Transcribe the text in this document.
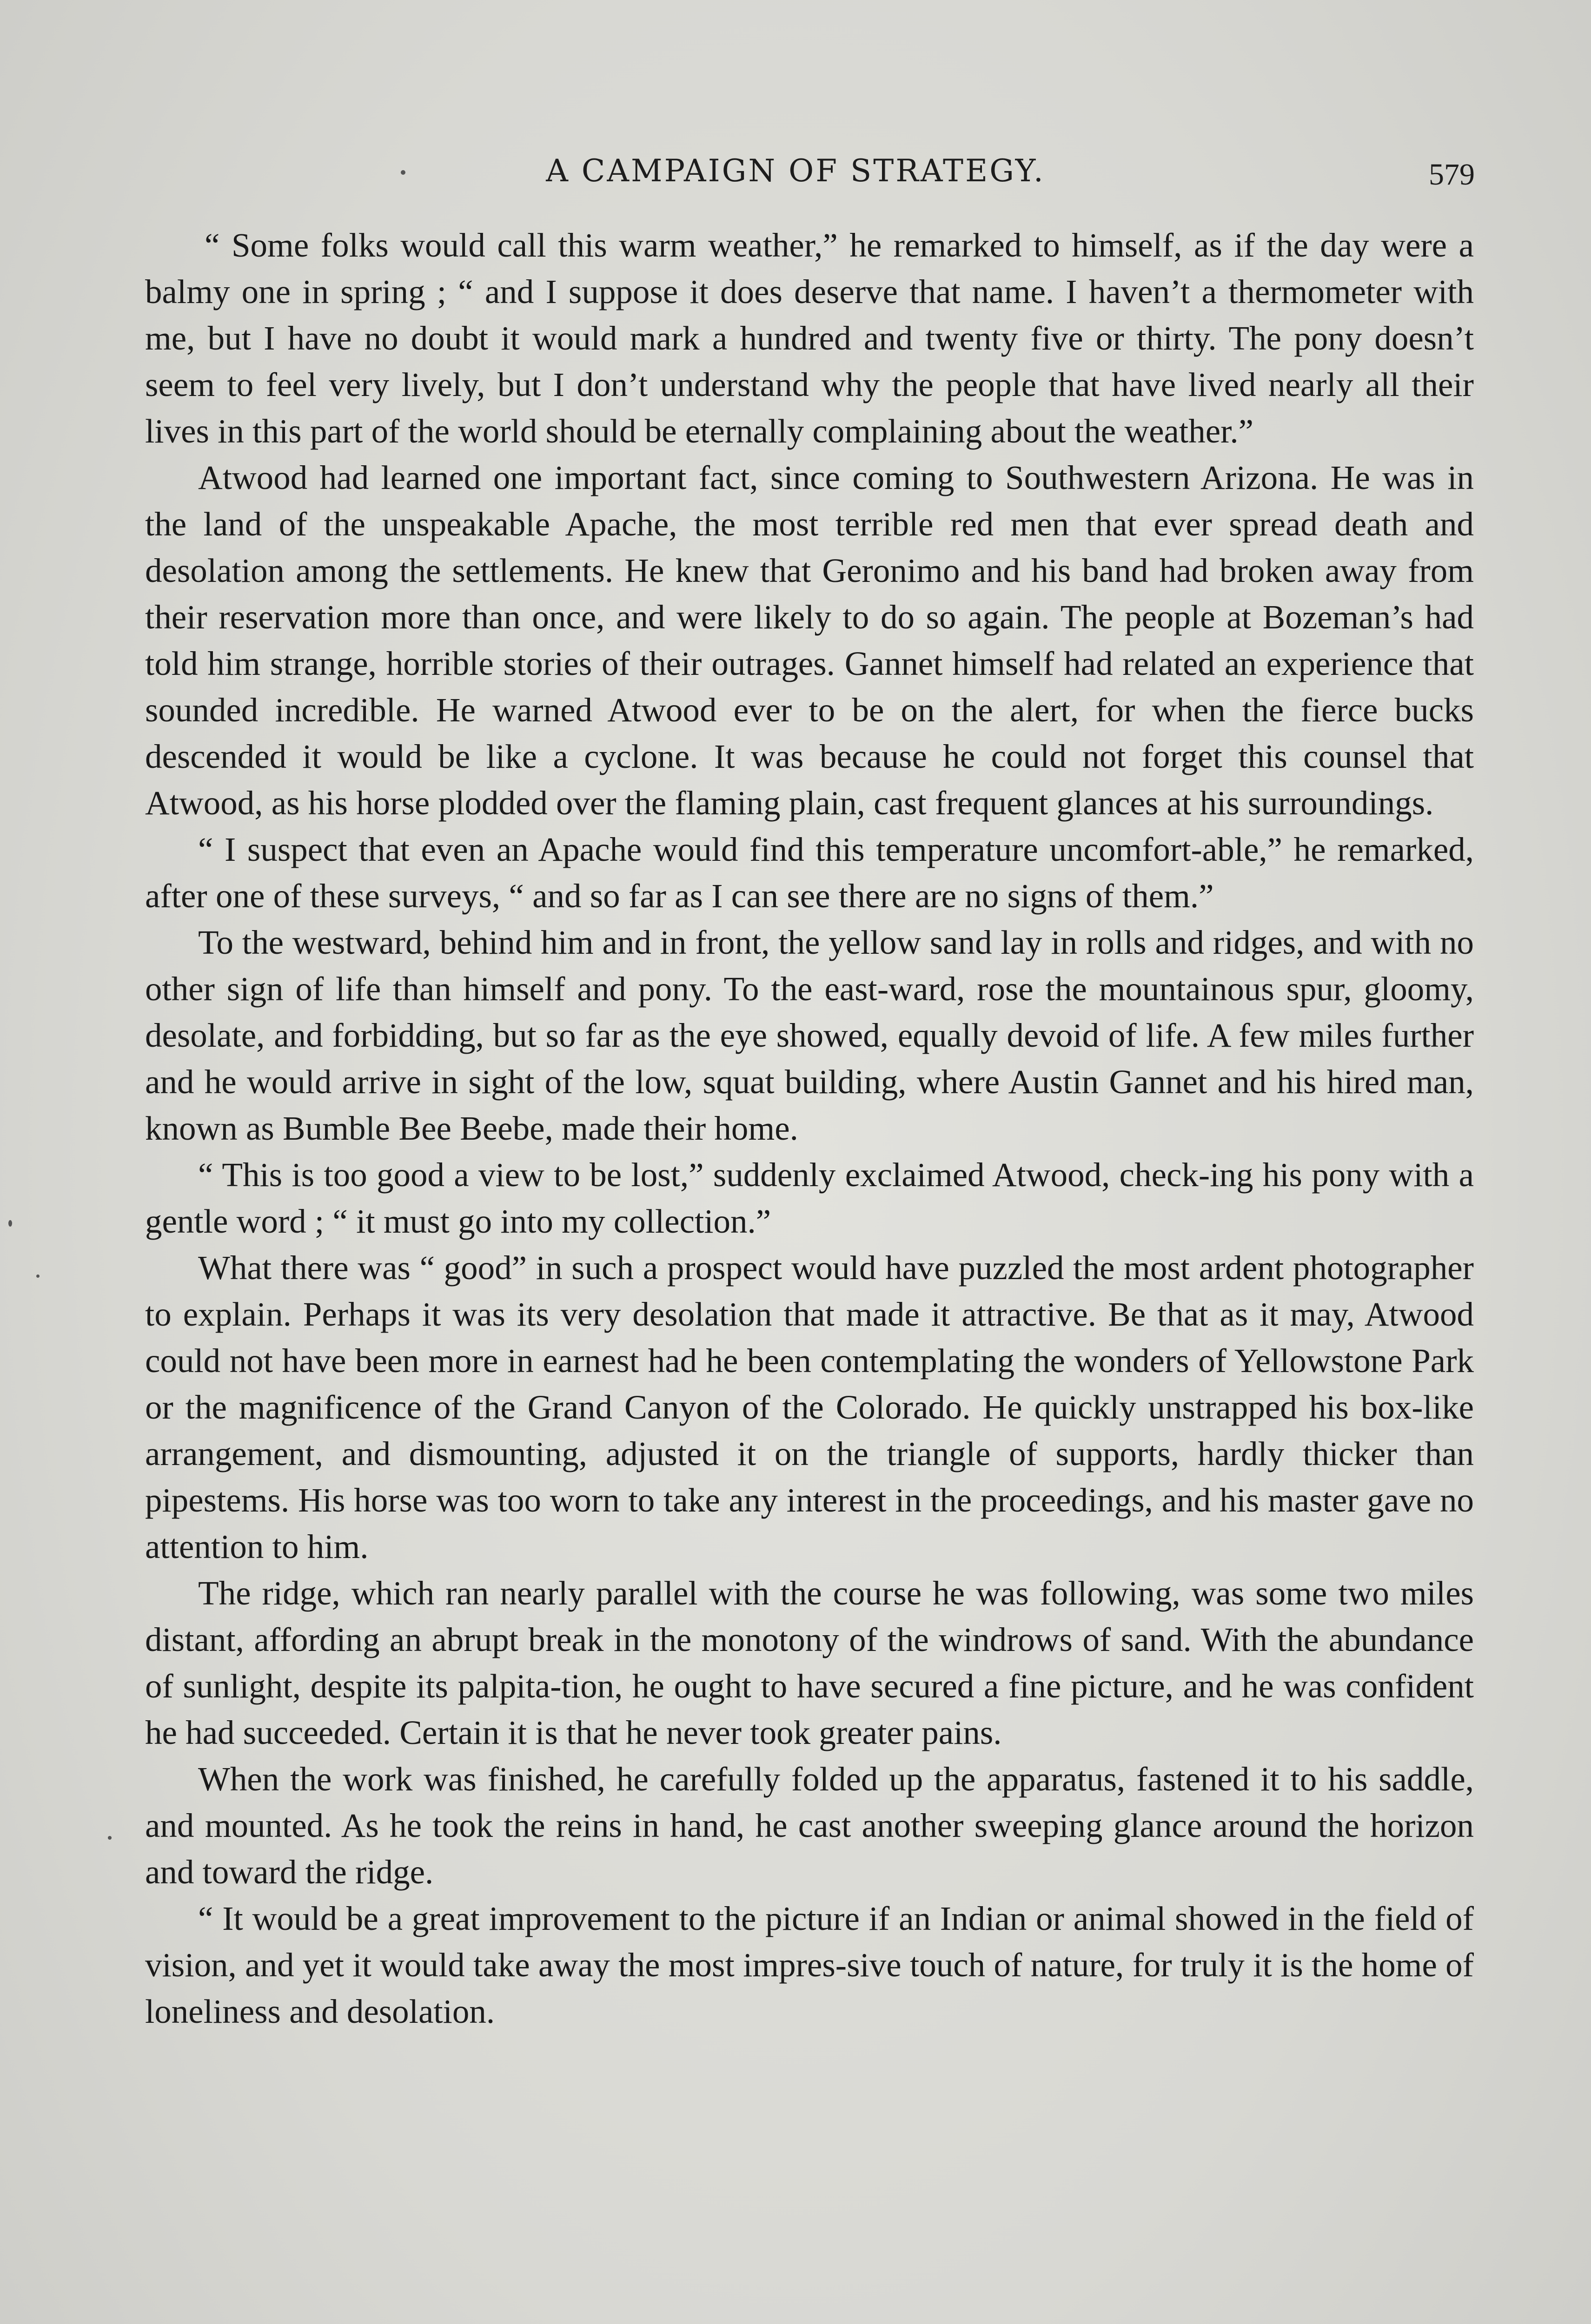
A CAMPAIGN OF STRATEGY.	579

“ Some folks would call this warm weather,” he remarked to himself, as if the day were a balmy one in spring ; “ and I suppose it does deserve that name. I haven’t a thermometer with me, but I have no doubt it would mark a hundred and twenty five or thirty. The pony doesn’t seem to feel very lively, but I don’t understand why the people that have lived nearly all their lives in this part of the world should be eternally complaining about the weather.”

Atwood had learned one important fact, since coming to Southwestern Arizona. He was in the land of the unspeakable Apache, the most terrible red men that ever spread death and desolation among the settlements. He knew that Geronimo and his band had broken away from their reservation more than once, and were likely to do so again. The people at Bozeman’s had told him strange, horrible stories of their outrages. Gannet himself had related an experience that sounded incredible. He warned Atwood ever to be on the alert, for when the fierce bucks descended it would be like a cyclone. It was because he could not forget this counsel that Atwood, as his horse plodded over the flaming plain, cast frequent glances at his surroundings.

“ I suspect that even an Apache would find this temperature uncomfort-able,” he remarked, after one of these surveys, “ and so far as I can see there are no signs of them.”

To the westward, behind him and in front, the yellow sand lay in rolls and ridges, and with no other sign of life than himself and pony. To the east-ward, rose the mountainous spur, gloomy, desolate, and forbidding, but so far as the eye showed, equally devoid of life. A few miles further and he would arrive in sight of the low, squat building, where Austin Gannet and his hired man, known as Bumble Bee Beebe, made their home.

“ This is too good a view to be lost,” suddenly exclaimed Atwood, check-ing his pony with a gentle word ; “ it must go into my collection.”

What there was “ good” in such a prospect would have puzzled the most ardent photographer to explain. Perhaps it was its very desolation that made it attractive. Be that as it may, Atwood could not have been more in earnest had he been contemplating the wonders of Yellowstone Park or the magnificence of the Grand Canyon of the Colorado. He quickly unstrapped his box-like arrangement, and dismounting, adjusted it on the triangle of supports, hardly thicker than pipestems. His horse was too worn to take any interest in the proceedings, and his master gave no attention to him.

The ridge, which ran nearly parallel with the course he was following, was some two miles distant, affording an abrupt break in the monotony of the windrows of sand. With the abundance of sunlight, despite its palpita-tion, he ought to have secured a fine picture, and he was confident he had succeeded. Certain it is that he never took greater pains.

When the work was finished, he carefully folded up the apparatus, fastened it to his saddle, and mounted. As he took the reins in hand, he cast another sweeping glance around the horizon and toward the ridge.

“ It would be a great improvement to the picture if an Indian or animal showed in the field of vision, and yet it would take away the most impres-sive touch of nature, for truly it is the home of loneliness and desolation.
